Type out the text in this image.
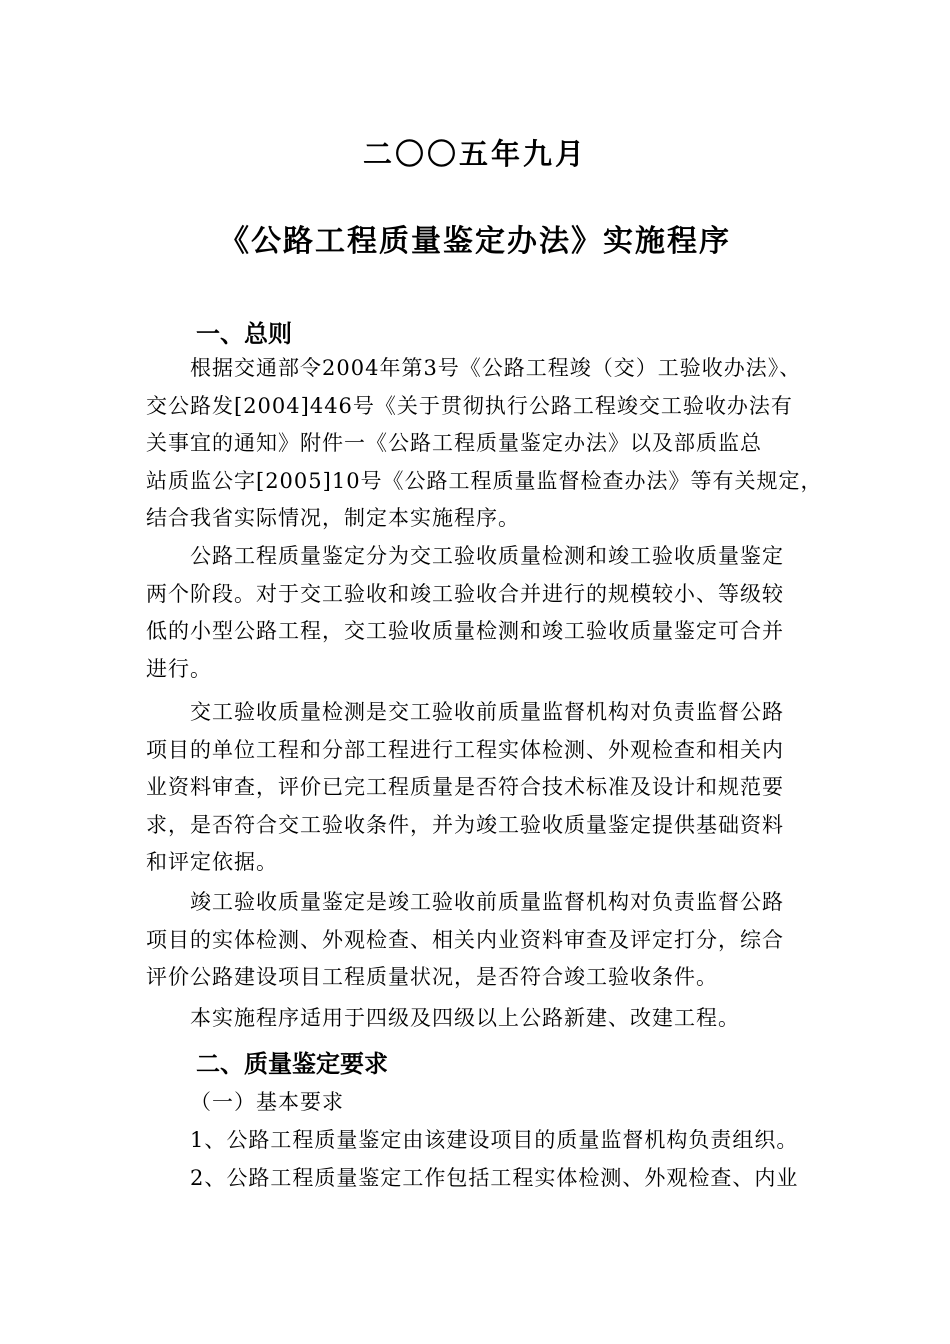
二〇〇五年九月
《公路工程质量鉴定办法》实施程序
一、总则
根据交通部令2004年第3号《公路工程竣（交）工验收办法》、
交公路发[2004]446号《关于贯彻执行公路工程竣交工验收办法有
关事宜的通知》附件一《公路工程质量鉴定办法》以及部质监总
站质监公字[2005]10号《公路工程质量监督检查办法》等有关规定，
结合我省实际情况，制定本实施程序。
公路工程质量鉴定分为交工验收质量检测和竣工验收质量鉴定
两个阶段。对于交工验收和竣工验收合并进行的规模较小、等级较
低的小型公路工程，交工验收质量检测和竣工验收质量鉴定可合并
进行。
交工验收质量检测是交工验收前质量监督机构对负责监督公路
项目的单位工程和分部工程进行工程实体检测、外观检查和相关内
业资料审查，评价已完工程质量是否符合技术标准及设计和规范要
求，是否符合交工验收条件，并为竣工验收质量鉴定提供基础资料
和评定依据。
竣工验收质量鉴定是竣工验收前质量监督机构对负责监督公路
项目的实体检测、外观检查、相关内业资料审查及评定打分，综合
评价公路建设项目工程质量状况，是否符合竣工验收条件。
本实施程序适用于四级及四级以上公路新建、改建工程。
二、质量鉴定要求
（一）基本要求
1、公路工程质量鉴定由该建设项目的质量监督机构负责组织。
2、公路工程质量鉴定工作包括工程实体检测、外观检查、内业
